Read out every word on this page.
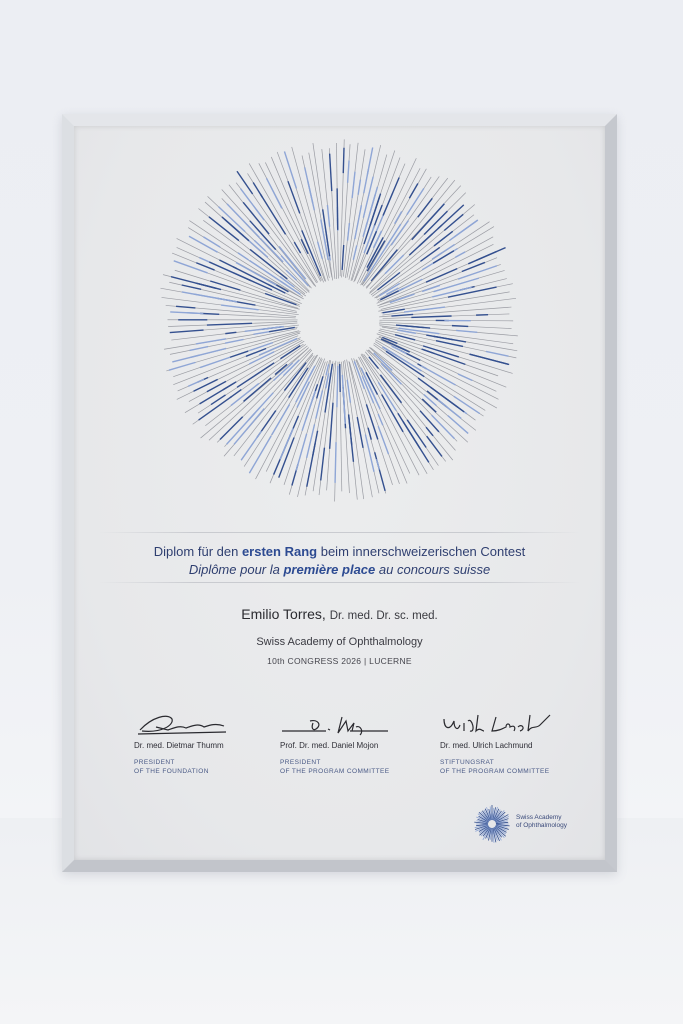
Diplom für den ersten Rang beim innerschweizerischen Contest

Diplôme pour la première place au concours suisse

Emilio Torres, Dr. med. Dr. sc. med.

Swiss Academy of Ophthalmology

10th CONGRESS 2026 | LUCERNE

Dr. med. Dietmar Thumm
PRESIDENT
OF THE FOUNDATION
Prof. Dr. med. Daniel Mojon
PRESIDENT
OF THE PROGRAM COMMITTEE
Dr. med. Ulrich Lachmund
STIFTUNGSRAT
OF THE PROGRAM COMMITTEE
Swiss Academy
of Ophthalmology
